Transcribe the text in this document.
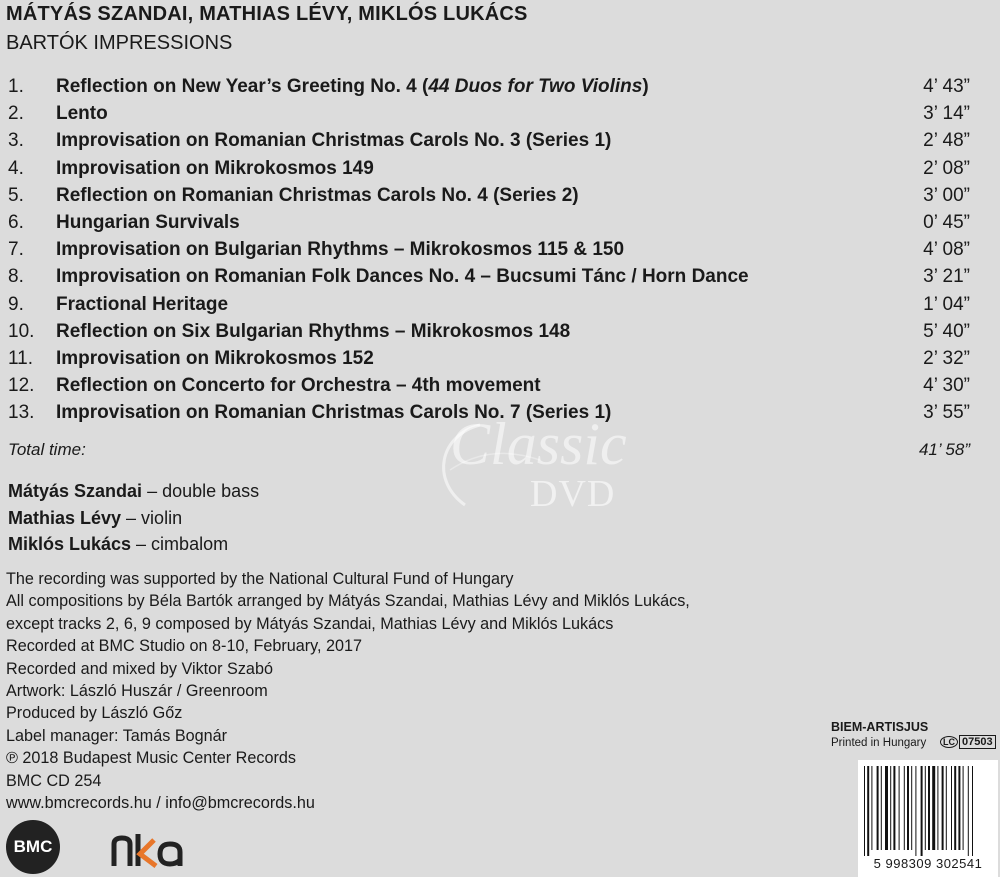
MÁTYÁS SZANDAI, MATHIAS LÉVY, MIKLÓS LUKÁCS
BARTÓK IMPRESSIONS
1.	Reflection on New Year’s Greeting No. 4 (44 Duos for Two Violins)	4’ 43”
2.	Lento	3’ 14”
3.	Improvisation on Romanian Christmas Carols No. 3 (Series 1)	2’ 48”
4.	Improvisation on Mikrokosmos 149	2’ 08”
5.	Reflection on Romanian Christmas Carols No. 4 (Series 2)	3’ 00”
6.	Hungarian Survivals	0’ 45”
7.	Improvisation on Bulgarian Rhythms – Mikrokosmos 115 & 150	4’ 08”
8.	Improvisation on Romanian Folk Dances No. 4 – Bucsumi Tánc / Horn Dance	3’ 21”
9.	Fractional Heritage	1’ 04”
10.	Reflection on Six Bulgarian Rhythms – Mikrokosmos 148	5’ 40”
11.	Improvisation on Mikrokosmos 152	2’ 32”
12.	Reflection on Concerto for Orchestra – 4th movement	4’ 30”
13.	Improvisation on Romanian Christmas Carols No. 7 (Series 1)	3’ 55”
Total time:	41’ 58”
Mátyás Szandai – double bass
Mathias Lévy – violin
Miklós Lukács – cimbalom
The recording was supported by the National Cultural Fund of Hungary
All compositions by Béla Bartók arranged by Mátyás Szandai, Mathias Lévy and Miklós Lukács,
except tracks 2, 6, 9 composed by Mátyás Szandai, Mathias Lévy and Miklós Lukács
Recorded at BMC Studio on 8-10, February, 2017
Recorded and mixed by Viktor Szabó
Artwork: László Huszár / Greenroom
Produced by László Gőz
Label manager: Tamás Bognár
℗ 2018 Budapest Music Center Records
BMC CD 254
www.bmcrecords.hu / info@bmcrecords.hu
Classic
DVD
BIEM-ARTISJUS
Printed in Hungary	LC 07503
5 998309 302541
BMC
